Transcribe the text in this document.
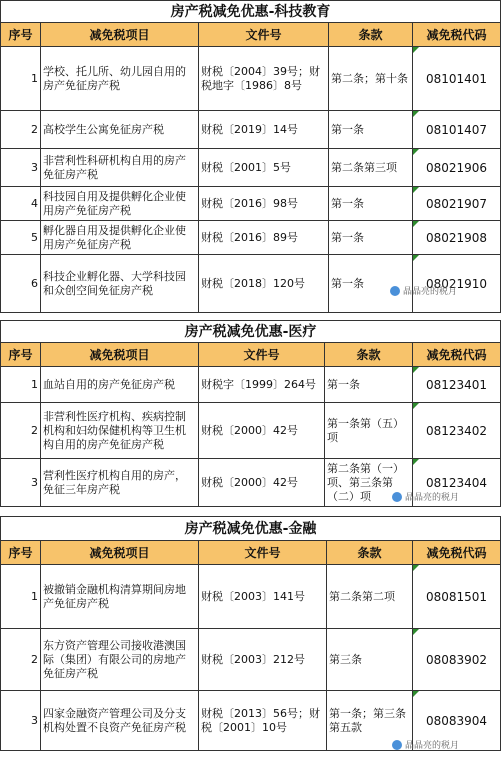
房产税减免优惠-科技教育				
序号	减免税项目	文件号	条款	减免税代码
1	学校、托儿所、幼儿园自用的房产免征房产税	财税〔2004〕39号；财税地字〔1986〕8号	第二条；第十条	08101401
2	高校学生公寓免征房产税	财税〔2019〕14号	第一条	08101407
3	非营利性科研机构自用的房产免征房产税	财税〔2001〕5号	第二条第三项	08021906
4	科技园自用及提供孵化企业使用房产免征房产税	财税〔2016〕98号	第一条	08021907
5	孵化器自用及提供孵化企业使用房产免征房产税	财税〔2016〕89号	第一条	08021908
6	科技企业孵化器、大学科技园和众创空间免征房产税	财税〔2018〕120号	第一条	08021910
晶晶亮的税月
房产税减免优惠-医疗				
序号	减免税项目	文件号	条款	减免税代码
1	血站自用的房产免征房产税	财税字〔1999〕264号	第一条	08123401
2	非营利性医疗机构、疾病控制机构和妇幼保健机构等卫生机构自用的房产免征房产税	财税〔2000〕42号	第一条第（五）项	08123402
3	营利性医疗机构自用的房产，免征三年房产税	财税〔2000〕42号	第二条第（一）项、第三条第（二）项	08123404
晶晶亮的税月
房产税减免优惠-金融				
序号	减免税项目	文件号	条款	减免税代码
1	被撤销金融机构清算期间房地产免征房产税	财税〔2003〕141号	第二条第二项	08081501
2	东方资产管理公司接收港澳国际（集团）有限公司的房地产免征房产税	财税〔2003〕212号	第三条	08083902
3	四家金融资产管理公司及分支机构处置不良资产免征房产税	财税〔2013〕56号；财税〔2001〕10号	第一条；第三条第五款	08083904
晶晶亮的税月
